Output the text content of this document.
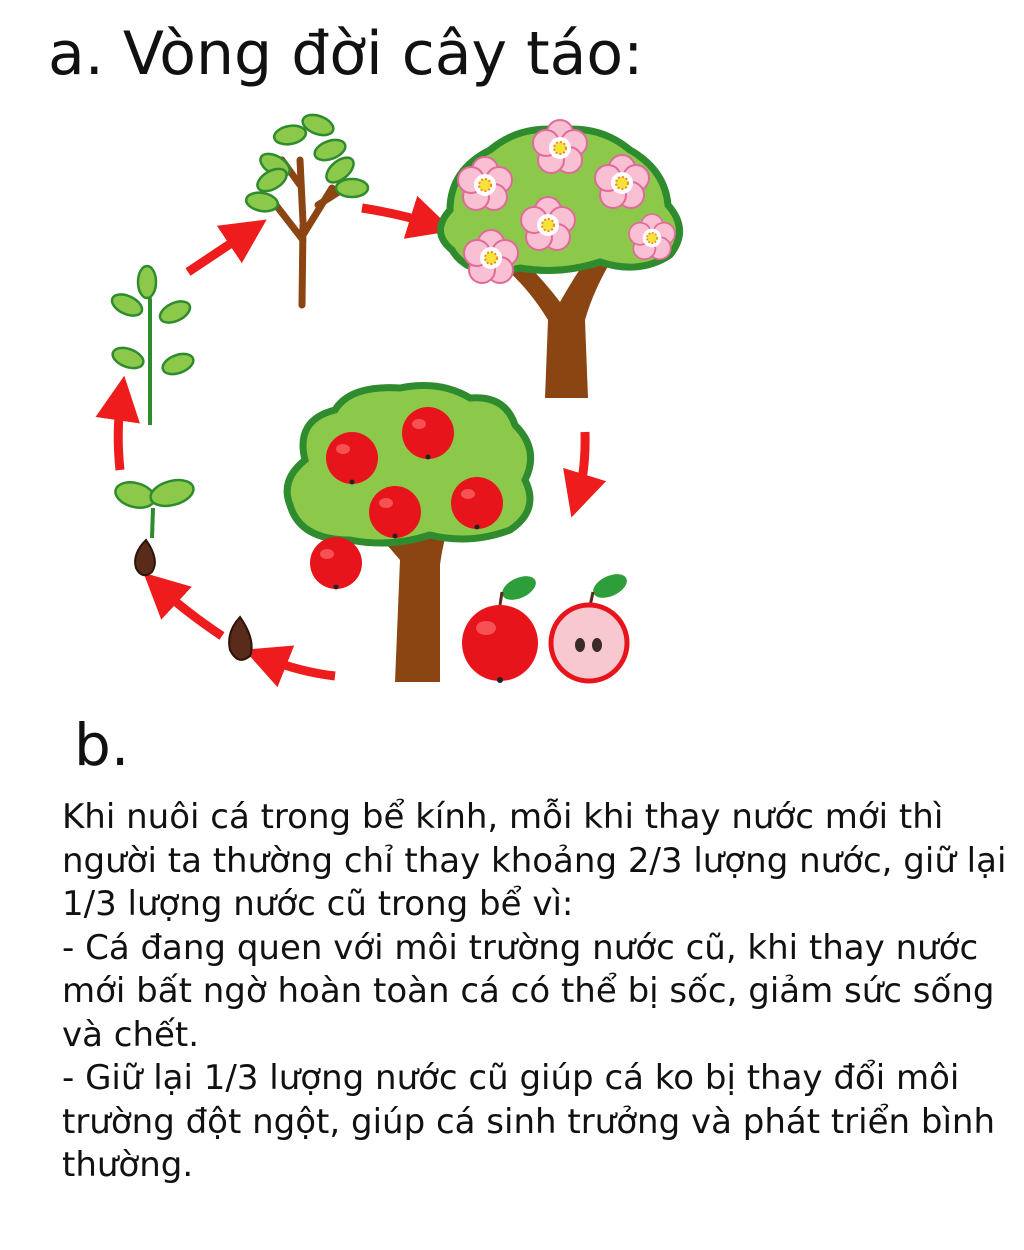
a. Vòng đời cây táo:
b.

Khi nuôi cá trong bể kính, mỗi khi thay nước mới thì người ta thường chỉ thay khoảng 2/3 lượng nước, giữ lại 1/3 lượng nước cũ trong bể vì:

- Cá đang quen với môi trường nước cũ, khi thay nước mới bất ngờ hoàn toàn cá có thể bị sốc, giảm sức sống và chết.

- Giữ lại 1/3 lượng nước cũ giúp cá ko bị thay đổi môi trường đột ngột, giúp cá sinh trưởng và phát triển bình thường.
